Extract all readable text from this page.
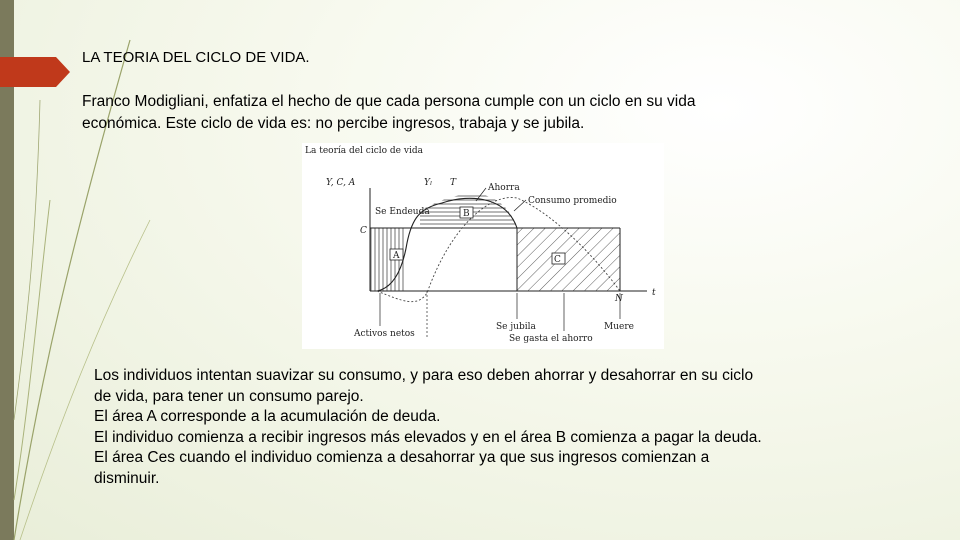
LA TEORIA DEL CICLO DE VIDA.
Franco Modigliani, enfatiza el hecho de que cada persona cumple con un ciclo en su vida
económica. Este ciclo de vida es: no percibe ingresos, trabaja y se jubila.
La teoría del ciclo de vida
Y, C, A
t
C
A
B
C
Yₗ T	Ahorra
Consumo promedio
Se Endeuda
N
Activos netos
Se jubila
Se gasta el ahorro
Muere
Los individuos intentan suavizar su consumo, y para eso deben ahorrar y desahorrar en su ciclo
de vida, para tener un consumo parejo.
El área A corresponde a la acumulación de deuda.
El individuo comienza a recibir ingresos más elevados y en el área B comienza a pagar la deuda.
El área Ces cuando el individuo comienza a desahorrar ya que sus ingresos comienzan a
disminuir.
